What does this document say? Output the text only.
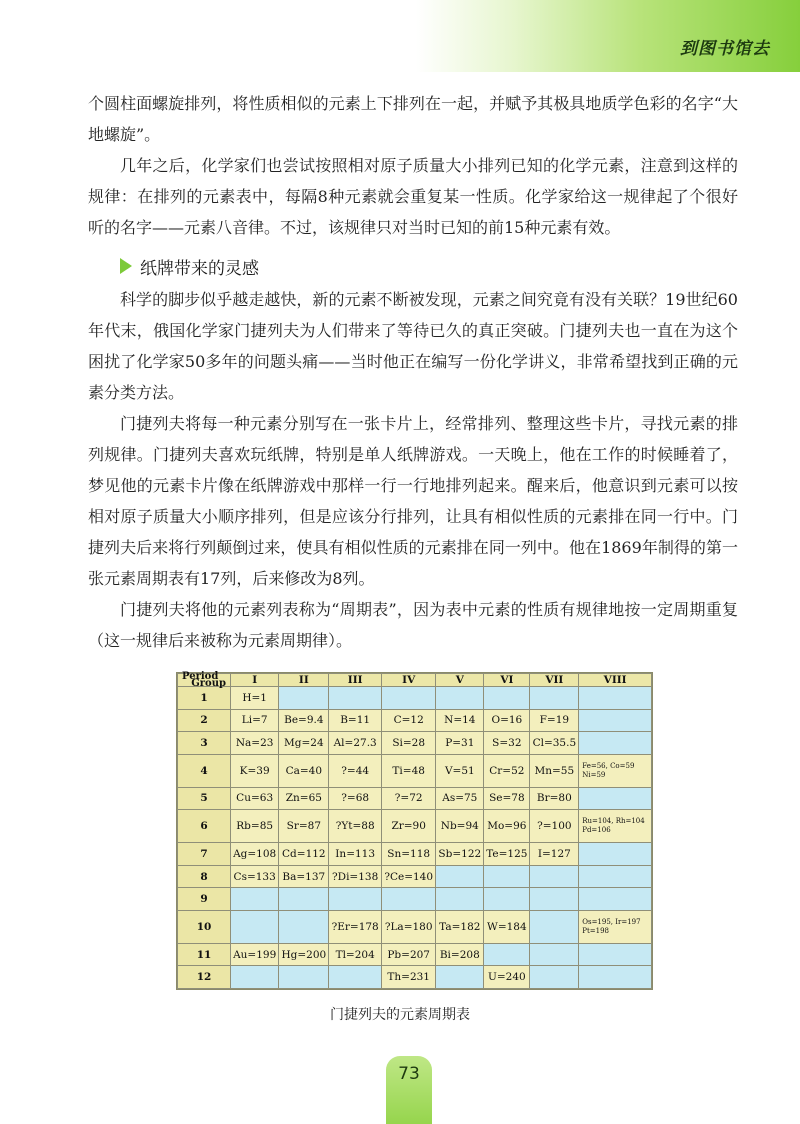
到图书馆去

个圆柱面螺旋排列，将性质相似的元素上下排列在一起，并赋予其极具地质学色彩的名字“大地螺旋”。

几年之后，化学家们也尝试按照相对原子质量大小排列已知的化学元素，注意到这样的规律：在排列的元素表中，每隔8种元素就会重复某一性质。化学家给这一规律起了个很好听的名字——元素八音律。不过，该规律只对当时已知的前15种元素有效。

纸牌带来的灵感

科学的脚步似乎越走越快，新的元素不断被发现，元素之间究竟有没有关联？19世纪60年代末，俄国化学家门捷列夫为人们带来了等待已久的真正突破。门捷列夫也一直在为这个困扰了化学家50多年的问题头痛——当时他正在编写一份化学讲义，非常希望找到正确的元素分类方法。

门捷列夫将每一种元素分别写在一张卡片上，经常排列、整理这些卡片，寻找元素的排列规律。门捷列夫喜欢玩纸牌，特别是单人纸牌游戏。一天晚上，他在工作的时候睡着了，梦见他的元素卡片像在纸牌游戏中那样一行一行地排列起来。醒来后，他意识到元素可以按相对原子质量大小顺序排列，但是应该分行排列，让具有相似性质的元素排在同一行中。门捷列夫后来将行列颠倒过来，使具有相似性质的元素排在同一列中。他在1869年制得的第一张元素周期表有17列，后来修改为8列。

门捷列夫将他的元素列表称为“周期表”，因为表中元素的性质有规律地按一定周期重复（这一规律后来被称为元素周期律）。

Group
Period	I	II	III	IV	V	VI	VII	VIII
1	H=1							
2	Li=7	Be=9.4	B=11	C=12	N=14	O=16	F=19	
3	Na=23	Mg=24	Al=27.3	Si=28	P=31	S=32	Cl=35.5	
4	K=39	Ca=40	?=44	Ti=48	V=51	Cr=52	Mn=55	Fe=56, Co=59
Ni=59
5	Cu=63	Zn=65	?=68	?=72	As=75	Se=78	Br=80	
6	Rb=85	Sr=87	?Yt=88	Zr=90	Nb=94	Mo=96	?=100	Ru=104, Rh=104
Pd=106
7	Ag=108	Cd=112	In=113	Sn=118	Sb=122	Te=125	I=127	
8	Cs=133	Ba=137	?Di=138	?Ce=140				
9								
10			?Er=178	?La=180	Ta=182	W=184		Os=195, Ir=197
Pt=198
11	Au=199	Hg=200	Tl=204	Pb=207	Bi=208			
12				Th=231		U=240		
门捷列夫的元素周期表
73
